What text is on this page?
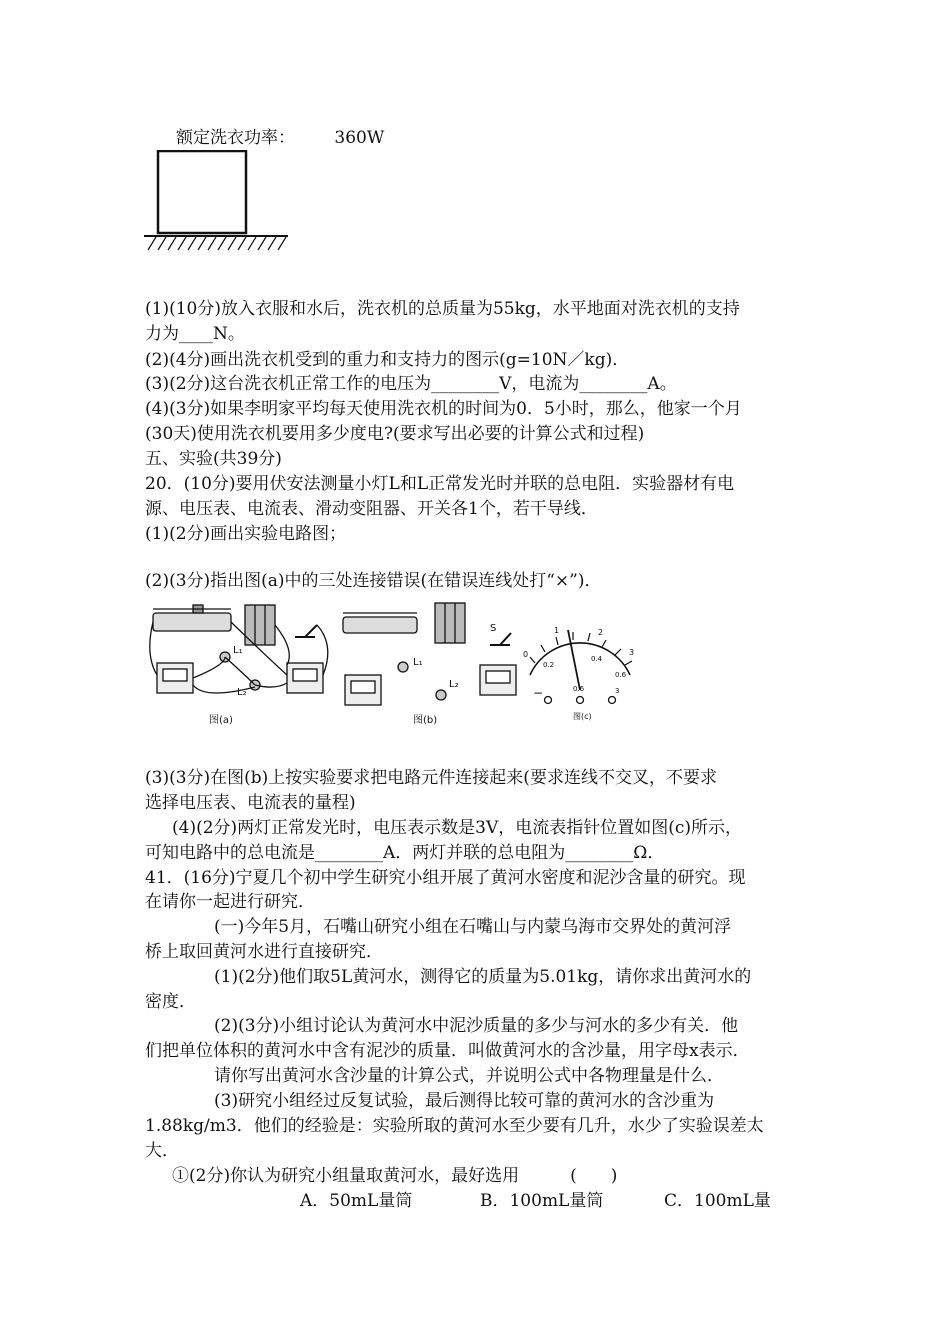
额定洗衣功率： 360W
(1)(10分)放入衣服和水后，洗衣机的总质量为55kg，水平地面对洗衣机的支持
力为____N。
(2)(4分)画出洗衣机受到的重力和支持力的图示(g=10N／kg)．
(3)(2分)这台洗衣机正常工作的电压为________V，电流为________A。
(4)(3分)如果李明家平均每天使用洗衣机的时间为0．5小时，那么，他家一个月
(30天)使用洗衣机要用多少度电?(要求写出必要的计算公式和过程)
五、实验(共39分)
20．(10分)要用伏安法测量小灯L和L正常发光时并联的总电阻．实验器材有电
源、电压表、电流表、滑动变阻器、开关各1个，若干导线．
(1)(2分)画出实验电路图；
(2)(3分)指出图(a)中的三处连接错误(在错误连线处打“×”)．
图(a)	图(b)	图(c)
L₁
L₂
L₁
L₂
S
0
1	2
3
0.2
0.4
0.6
−	0.6	3
(3)(3分)在图(b)上按实验要求把电路元件连接起来(要求连线不交叉，不要求
选择电压表、电流表的量程)
(4)(2分)两灯正常发光时，电压表示数是3V，电流表指针位置如图(c)所示，
可知电路中的总电流是________A．两灯并联的总电阻为________Ω．
41．(16分)宁夏几个初中学生研究小组开展了黄河水密度和泥沙含量的研究。现
在请你一起进行研究．
(一)今年5月，石嘴山研究小组在石嘴山与内蒙乌海市交界处的黄河浮
桥上取回黄河水进行直接研究．
(1)(2分)他们取5L黄河水，测得它的质量为5.01kg，请你求出黄河水的
密度．
(2)(3分)小组讨论认为黄河水中泥沙质量的多少与河水的多少有关．他
们把单位体积的黄河水中含有泥沙的质量．叫做黄河水的含沙量，用字母x表示．
请你写出黄河水含沙量的计算公式，并说明公式中各物理量是什么．
(3)研究小组经过反复试验，最后测得比较可靠的黄河水的含沙重为
1.88kg/m3．他们的经验是：实验所取的黄河水至少要有几升，水少了实验误差太
大．
①(2分)你认为研究小组量取黄河水，最好选用　　　(　　)
A．50mL量筒	B．100mL量筒	C．100mL量
